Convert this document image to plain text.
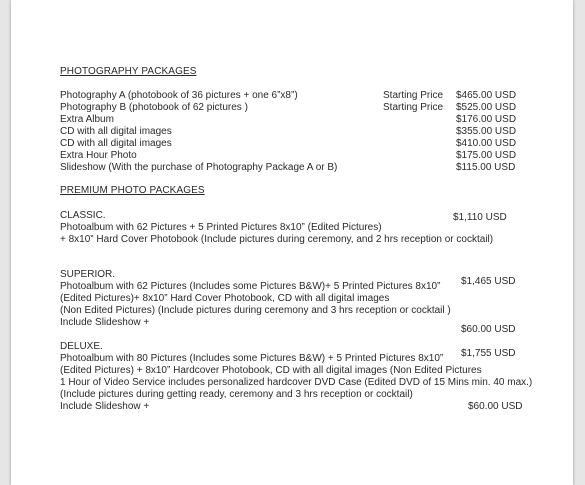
PHOTOGRAPHY PACKAGES
Photography A (photobook of 36 pictures + one 6”x8”)	Starting Price $465.00 USD
Photography B (photobook of 62 pictures )	Starting Price $525.00 USD
Extra Album	$176.00 USD
CD with all digital images	$355.00 USD
CD with all digital images	$410.00 USD
Extra Hour Photo	$175.00 USD
Slideshow (With the purchase of Photography Package A or B)	$115.00 USD
PREMIUM PHOTO PACKAGES
CLASSIC.
Photoalbum with 62 Pictures + 5 Printed Pictures 8x10” (Edited Pictures)
+ 8x10” Hard Cover Photobook (Include pictures during ceremony, and 2 hrs reception or cocktail)
$1,110 USD
SUPERIOR.
Photoalbum with 62 Pictures (Includes some Pictures B&W)+ 5 Printed Pictures 8x10”
(Edited Pictures)+ 8x10” Hard Cover Photobook, CD with all digital images
(Non Edited Pictures) (Include pictures during ceremony and 3 hrs reception or cocktail )
Include Slideshow +
$1,465 USD
$60.00 USD
DELUXE.
Photoalbum with 80 Pictures (Includes some Pictures B&W) + 5 Printed Pictures 8x10”
(Edited Pictures) + 8x10” Hardcover Photobook, CD with all digital images (Non Edited Pictures
1 Hour of Video Service includes personalized hardcover DVD Case (Edited DVD of 15 Mins min. 40 max.)
(Include pictures during getting ready, ceremony and 3 hrs reception or cocktail)
Include Slideshow +
$1,755 USD
$60.00 USD
